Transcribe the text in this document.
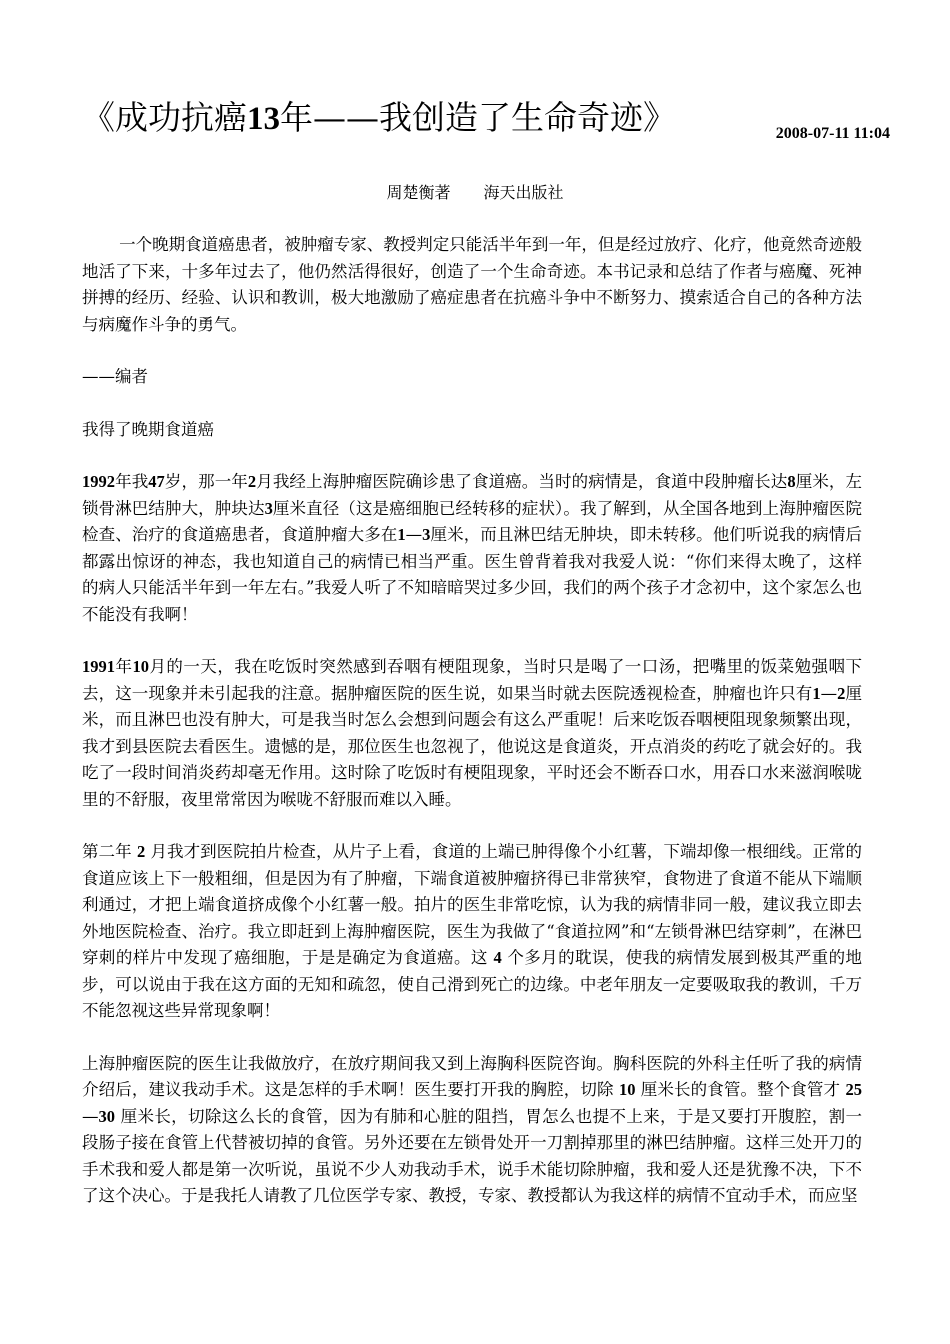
《成功抗癌13年——我创造了生命奇迹》	2008-07-11 11:04
周楚衡著 海天出版社

一个晚期食道癌患者，被肿瘤专家、教授判定只能活半年到一年，但是经过放疗、化疗，他竟然奇迹般地活了下来，十多年过去了，他仍然活得很好，创造了一个生命奇迹。本书记录和总结了作者与癌魔、死神拼搏的经历、经验、认识和教训，极大地激励了癌症患者在抗癌斗争中不断努力、摸索适合自己的各种方法与病魔作斗争的勇气。

——编者

我得了晚期食道癌

1992年我47岁，那一年2月我经上海肿瘤医院确诊患了食道癌。当时的病情是，食道中段肿瘤长达8厘米，左锁骨淋巴结肿大，肿块达3厘米直径（这是癌细胞已经转移的症状）。我了解到，从全国各地到上海肿瘤医院检查、治疗的食道癌患者，食道肿瘤大多在1—3厘米，而且淋巴结无肿块，即未转移。他们听说我的病情后都露出惊讶的神态，我也知道自己的病情已相当严重。医生曾背着我对我爱人说：“你们来得太晚了，这样的病人只能活半年到一年左右。”我爱人听了不知暗暗哭过多少回，我们的两个孩子才念初中，这个家怎么也不能没有我啊！

1991年10月的一天，我在吃饭时突然感到吞咽有梗阻现象，当时只是喝了一口汤，把嘴里的饭菜勉强咽下去，这一现象并未引起我的注意。据肿瘤医院的医生说，如果当时就去医院透视检查，肿瘤也许只有1—2厘米，而且淋巴也没有肿大，可是我当时怎么会想到问题会有这么严重呢！后来吃饭吞咽梗阻现象频繁出现，我才到县医院去看医生。遗憾的是，那位医生也忽视了，他说这是食道炎，开点消炎的药吃了就会好的。我吃了一段时间消炎药却毫无作用。这时除了吃饭时有梗阻现象，平时还会不断吞口水，用吞口水来滋润喉咙里的不舒服，夜里常常因为喉咙不舒服而难以入睡。

第二年 2 月我才到医院拍片检查，从片子上看，食道的上端已肿得像个小红薯，下端却像一根细线。正常的食道应该上下一般粗细，但是因为有了肿瘤，下端食道被肿瘤挤得已非常狭窄，食物进了食道不能从下端顺利通过，才把上端食道挤成像个小红薯一般。拍片的医生非常吃惊，认为我的病情非同一般，建议我立即去外地医院检查、治疗。我立即赶到上海肿瘤医院，医生为我做了“食道拉网”和“左锁骨淋巴结穿刺”，在淋巴穿刺的样片中发现了癌细胞，于是是确定为食道癌。这 4 个多月的耽误，使我的病情发展到极其严重的地步，可以说由于我在这方面的无知和疏忽，使自己滑到死亡的边缘。中老年朋友一定要吸取我的教训，千万不能忽视这些异常现象啊！

上海肿瘤医院的医生让我做放疗，在放疗期间我又到上海胸科医院咨询。胸科医院的外科主任听了我的病情介绍后，建议我动手术。这是怎样的手术啊！医生要打开我的胸腔，切除 10 厘米长的食管。整个食管才 25—30 厘米长，切除这么长的食管，因为有肺和心脏的阻挡，胃怎么也提不上来，于是又要打开腹腔，割一段肠子接在食管上代替被切掉的食管。另外还要在左锁骨处开一刀割掉那里的淋巴结肿瘤。这样三处开刀的手术我和爱人都是第一次听说，虽说不少人劝我动手术，说手术能切除肿瘤，我和爱人还是犹豫不决，下不了这个决心。于是我托人请教了几位医学专家、教授，专家、教授都认为我这样的病情不宜动手术，而应坚
